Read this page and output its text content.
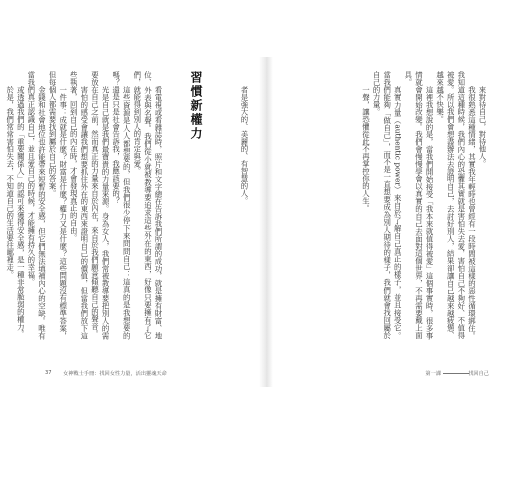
看電視或看雜誌時，照片和文字總在告訴我們所謂的成功，就是擁有財富、地位、外表與名聲。我們從小就被教導要追求這些外在的東西，好像只要擁有了它們，就能得到別人的肯定與愛。

這些資源是人人都想要的，但我們很少停下來問問自己：這真的是我想要的嗎？還是只是社會告訴我，我應該要的？

光是自己就是我們最寶貴的力量來源。身為女人，我們常被教導要把別人的需要放在自己之前，然而真正的力量來自於內在，來自於我們願意傾聽自己的聲音。

害怕的感受會讓我們想要抓住外在的東西來證明自己的價值，但當我們放下這些執著，回到自己的內在時，才會發現真正的自由。

一件事：成就是什麼？財富是什麼？權力又是什麼？這些問題沒有標準答案，但每個人都需要找到屬於自己的答案。

金錢和社會地位也許能帶來短暫的安全感，但它們無法填補內心的空缺。唯有當我們真正認識自己，並且愛自己的時候，才能擁有持久的幸福。

或透過我們的「重要關係人」的認可來獲得安全感，是一種非常脆弱的權力。

於是，我們常常害怕失去，不知道自己的生活要往哪裡走。	習慣新權力	者是強大的、美麗的、有智慧的人。

37 女神戰士手冊：找回女性力量，活出靈魂天命

來對待自己，對待他人。

我很熟悉這種情緒，其實我年輕時也曾經有一段時間被這樣的惡性循環綁住。我知道這種時候，我們內心的恐懼其實就是害怕失去愛，害怕自己不夠好、不值得被愛。所以我們會想盡辦法去證明自己，去討好別人，結果卻讓自己越來越疲憊、越來越不快樂。

這裡我想說的是，當我們開始接受「我本來就值得被愛」這個事實時，很多事情就會開始改變。我們會慢慢學會以真實的自己去面對這個世界，不再需要戴上面具。

真實力量（authentic power）來自於了解自己真正的樣子，並且接受它。當我們能夠「做自己」，而不是一直想要成為別人期待的樣子，我們就會找回屬於自己的力量。

一聲，讓恐懼從此不再掌控你的人生。

第一課	找回自己
